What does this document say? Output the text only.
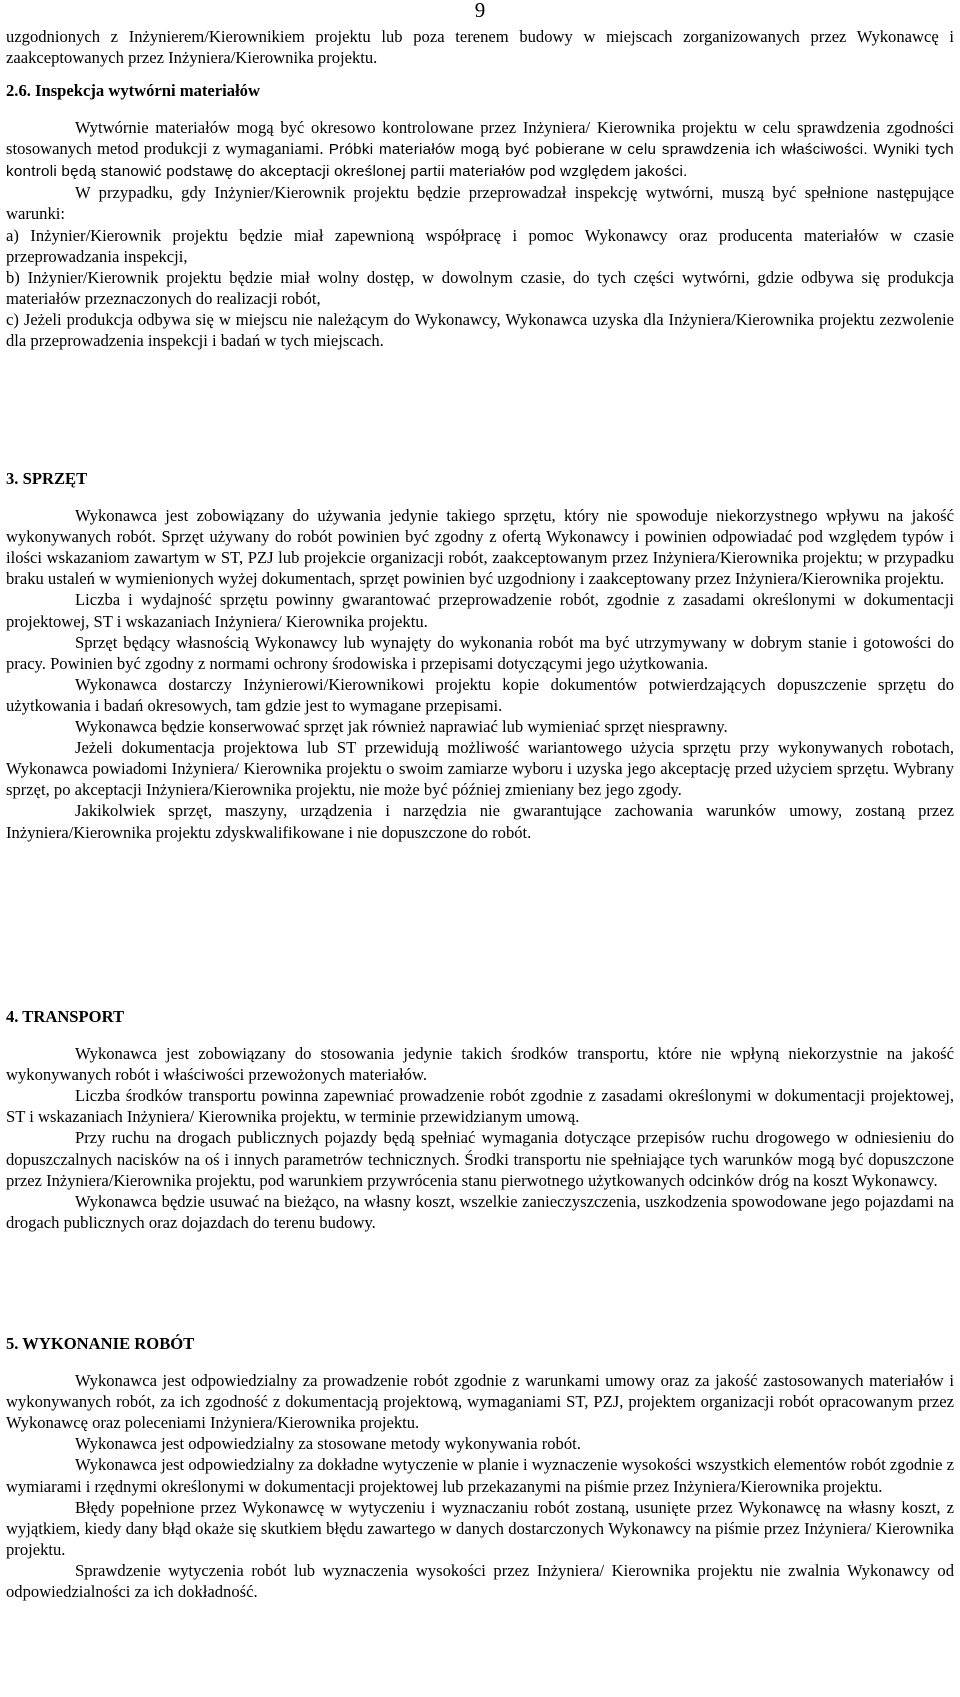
9

uzgodnionych z Inżynierem/Kierownikiem projektu lub poza terenem budowy w miejscach zorganizowanych przez Wykonawcę i zaakceptowanych przez Inżyniera/Kierownika projektu.

2.6. Inspekcja wytwórni materiałów

Wytwórnie materiałów mogą być okresowo kontrolowane przez Inżyniera/ Kierownika projektu w celu sprawdzenia zgodności stosowanych metod produkcji z wymaganiami. Próbki materiałów mogą być pobierane w celu sprawdzenia ich właściwości. Wyniki tych kontroli będą stanowić podstawę do akceptacji określonej partii materiałów pod względem jakości.

W przypadku, gdy Inżynier/Kierownik projektu będzie przeprowadzał inspekcję wytwórni, muszą być spełnione następujące warunki:

a) Inżynier/Kierownik projektu będzie miał zapewnioną współpracę i pomoc Wykonawcy oraz producenta materiałów w czasie przeprowadzania inspekcji,

b) Inżynier/Kierownik projektu będzie miał wolny dostęp, w dowolnym czasie, do tych części wytwórni, gdzie odbywa się produkcja materiałów przeznaczonych do realizacji robót,

c) Jeżeli produkcja odbywa się w miejscu nie należącym do Wykonawcy, Wykonawca uzyska dla Inżyniera/Kierownika projektu zezwolenie dla przeprowadzenia inspekcji i badań w tych miejscach.

3. SPRZĘT

Wykonawca jest zobowiązany do używania jedynie takiego sprzętu, który nie spowoduje niekorzystnego wpływu na jakość wykonywanych robót. Sprzęt używany do robót powinien być zgodny z ofertą Wykonawcy i powinien odpowiadać pod względem typów i ilości wskazaniom zawartym w ST, PZJ lub projekcie organizacji robót, zaakceptowanym przez Inżyniera/Kierownika projektu; w przypadku braku ustaleń w wymienionych wyżej dokumentach, sprzęt powinien być uzgodniony i zaakceptowany przez Inżyniera/Kierownika projektu.

Liczba i wydajność sprzętu powinny gwarantować przeprowadzenie robót, zgodnie z zasadami określonymi w dokumentacji projektowej, ST i wskazaniach Inżyniera/ Kierownika projektu.

Sprzęt będący własnością Wykonawcy lub wynajęty do wykonania robót ma być utrzymywany w dobrym stanie i gotowości do pracy. Powinien być zgodny z normami ochrony środowiska i przepisami dotyczącymi jego użytkowania.

Wykonawca dostarczy Inżynierowi/Kierownikowi projektu kopie dokumentów potwierdzających dopuszczenie sprzętu do użytkowania i badań okresowych, tam gdzie jest to wymagane przepisami.

Wykonawca będzie konserwować sprzęt jak również naprawiać lub wymieniać sprzęt niesprawny.

Jeżeli dokumentacja projektowa lub ST przewidują możliwość wariantowego użycia sprzętu przy wykonywanych robotach, Wykonawca powiadomi Inżyniera/ Kierownika projektu o swoim zamiarze wyboru i uzyska jego akceptację przed użyciem sprzętu. Wybrany sprzęt, po akceptacji Inżyniera/Kierownika projektu, nie może być później zmieniany bez jego zgody.

Jakikolwiek sprzęt, maszyny, urządzenia i narzędzia nie gwarantujące zachowania warunków umowy, zostaną przez Inżyniera/Kierownika projektu zdyskwalifikowane i nie dopuszczone do robót.

4. TRANSPORT

Wykonawca jest zobowiązany do stosowania jedynie takich środków transportu, które nie wpłyną niekorzystnie na jakość wykonywanych robót i właściwości przewożonych materiałów.

Liczba środków transportu powinna zapewniać prowadzenie robót zgodnie z zasadami określonymi w dokumentacji projektowej, ST i wskazaniach Inżyniera/ Kierownika projektu, w terminie przewidzianym umową.

Przy ruchu na drogach publicznych pojazdy będą spełniać wymagania dotyczące przepisów ruchu drogowego w odniesieniu do dopuszczalnych nacisków na oś i innych parametrów technicznych. Środki transportu nie spełniające tych warunków mogą być dopuszczone przez Inżyniera/Kierownika projektu, pod warunkiem przywrócenia stanu pierwotnego użytkowanych odcinków dróg na koszt Wykonawcy.

Wykonawca będzie usuwać na bieżąco, na własny koszt, wszelkie zanieczyszczenia, uszkodzenia spowodowane jego pojazdami na drogach publicznych oraz dojazdach do terenu budowy.

5. WYKONANIE ROBÓT

Wykonawca jest odpowiedzialny za prowadzenie robót zgodnie z warunkami umowy oraz za jakość zastosowanych materiałów i wykonywanych robót, za ich zgodność z dokumentacją projektową, wymaganiami ST, PZJ, projektem organizacji robót opracowanym przez Wykonawcę oraz poleceniami Inżyniera/Kierownika projektu.

Wykonawca jest odpowiedzialny za stosowane metody wykonywania robót.

Wykonawca jest odpowiedzialny za dokładne wytyczenie w planie i wyznaczenie wysokości wszystkich elementów robót zgodnie z wymiarami i rzędnymi określonymi w dokumentacji projektowej lub przekazanymi na piśmie przez Inżyniera/Kierownika projektu.

Błędy popełnione przez Wykonawcę w wytyczeniu i wyznaczaniu robót zostaną, usunięte przez Wykonawcę na własny koszt, z wyjątkiem, kiedy dany błąd okaże się skutkiem błędu zawartego w danych dostarczonych Wykonawcy na piśmie przez Inżyniera/ Kierownika projektu.

Sprawdzenie wytyczenia robót lub wyznaczenia wysokości przez Inżyniera/ Kierownika projektu nie zwalnia Wykonawcy od odpowiedzialności za ich dokładność.
